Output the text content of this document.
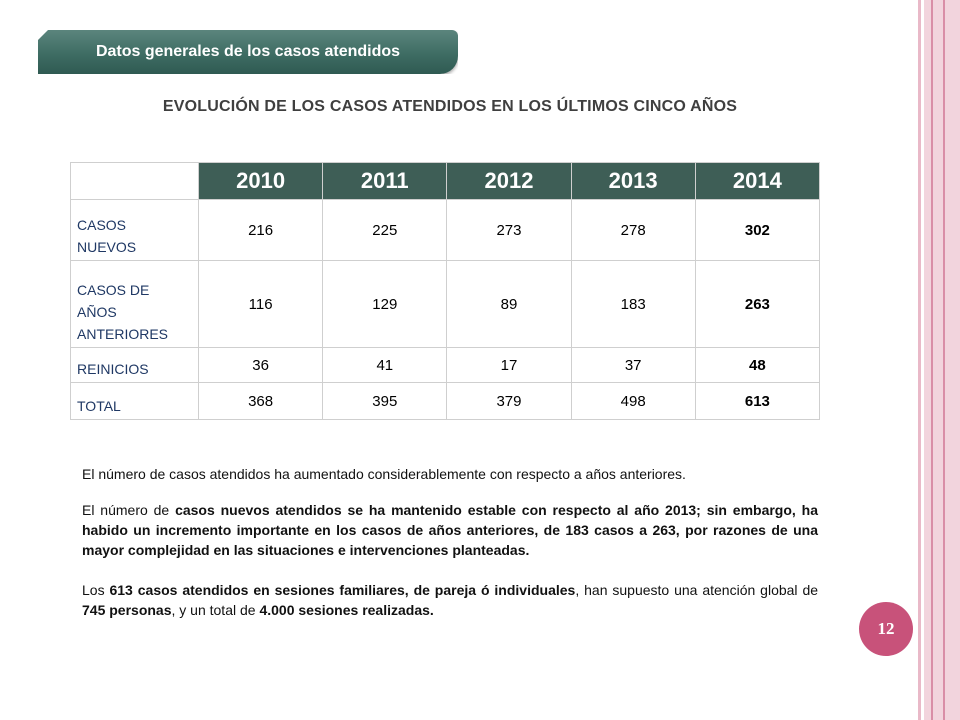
Datos generales de los casos atendidos
EVOLUCIÓN DE LOS CASOS ATENDIDOS EN LOS ÚLTIMOS CINCO AÑOS
	2010	2011	2012	2013	2014
CASOS
NUEVOS	216	225	273	278	302
CASOS DE
AÑOS
ANTERIORES	116	129	89	183	263
REINICIOS	36	41	17	37	48
TOTAL	368	395	379	498	613

El número de casos atendidos ha aumentado considerablemente con respecto a años anteriores.

El número de casos nuevos atendidos se ha mantenido estable con respecto al año 2013; sin embargo, ha habido un incremento importante en los casos de años anteriores, de 183 casos a 263, por razones de una mayor complejidad en las situaciones e intervenciones planteadas.

Los 613 casos atendidos en sesiones familiares, de pareja ó individuales, han supuesto una atención global de 745 personas, y un total de 4.000 sesiones realizadas.

12
